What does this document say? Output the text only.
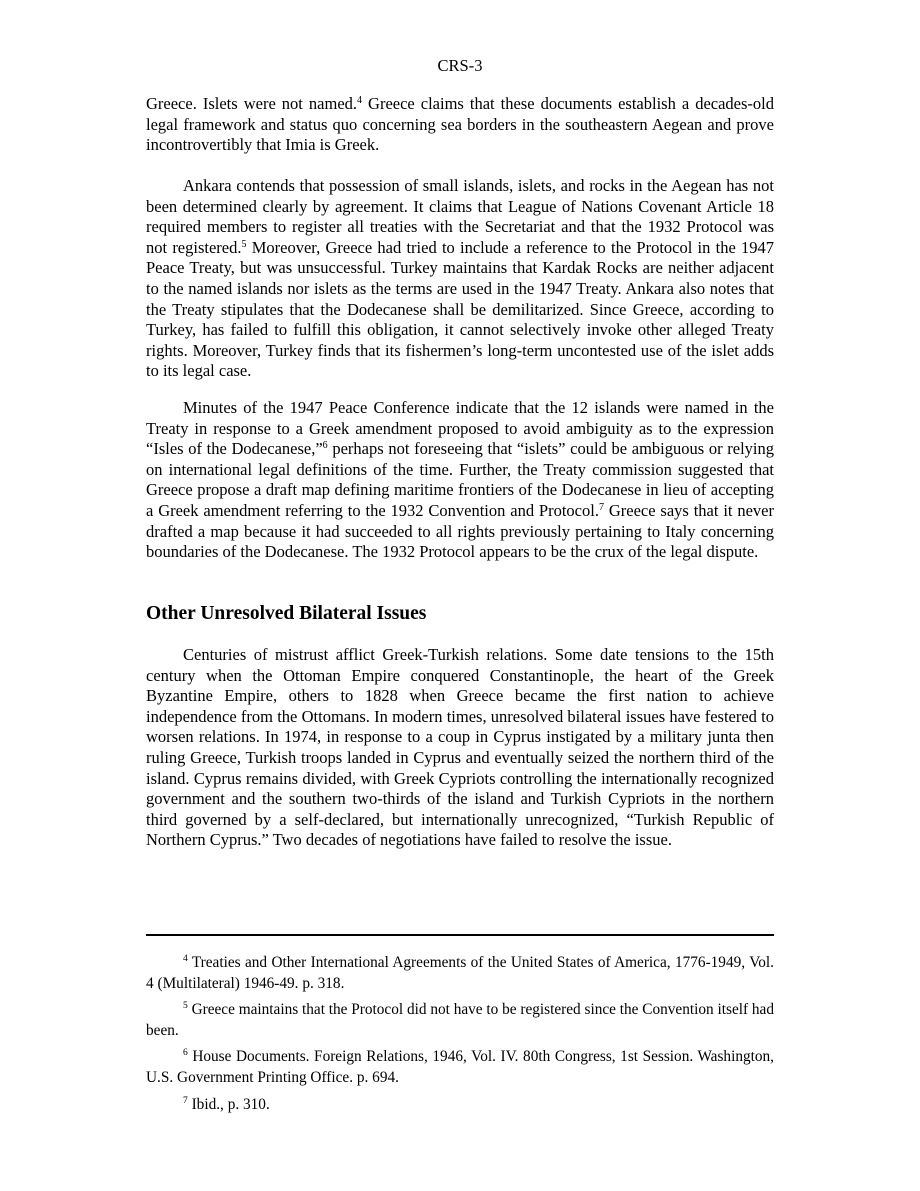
CRS-3

Greece. Islets were not named.$^4$ Greece claims that these documents establish a decades-old legal framework and status quo concerning sea borders in the southeastern Aegean and prove incontrovertibly that Imia is Greek.

Ankara contends that possession of small islands, islets, and rocks in the Aegean has not been determined clearly by agreement. It claims that League of Nations Covenant Article 18 required members to register all treaties with the Secretariat and that the 1932 Protocol was not registered.$^5$ Moreover, Greece had tried to include a reference to the Protocol in the 1947 Peace Treaty, but was unsuccessful. Turkey maintains that Kardak Rocks are neither adjacent to the named islands nor islets as the terms are used in the 1947 Treaty. Ankara also notes that the Treaty stipulates that the Dodecanese shall be demilitarized. Since Greece, according to Turkey, has failed to fulfill this obligation, it cannot selectively invoke other alleged Treaty rights. Moreover, Turkey finds that its fishermen’s long-term uncontested use of the islet adds to its legal case.

Minutes of the 1947 Peace Conference indicate that the 12 islands were named in the Treaty in response to a Greek amendment proposed to avoid ambiguity as to the expression “Isles of the Dodecanese,”$^6$ perhaps not foreseeing that “islets” could be ambiguous or relying on international legal definitions of the time. Further, the Treaty commission suggested that Greece propose a draft map defining maritime frontiers of the Dodecanese in lieu of accepting a Greek amendment referring to the 1932 Convention and Protocol.$^7$ Greece says that it never drafted a map because it had succeeded to all rights previously pertaining to Italy concerning boundaries of the Dodecanese. The 1932 Protocol appears to be the crux of the legal dispute.

Other Unresolved Bilateral Issues

Centuries of mistrust afflict Greek-Turkish relations. Some date tensions to the 15th century when the Ottoman Empire conquered Constantinople, the heart of the Greek Byzantine Empire, others to 1828 when Greece became the first nation to achieve independence from the Ottomans. In modern times, unresolved bilateral issues have festered to worsen relations. In 1974, in response to a coup in Cyprus instigated by a military junta then ruling Greece, Turkish troops landed in Cyprus and eventually seized the northern third of the island. Cyprus remains divided, with Greek Cypriots controlling the internationally recognized government and the southern two-thirds of the island and Turkish Cypriots in the northern third governed by a self-declared, but internationally unrecognized, “Turkish Republic of Northern Cyprus.” Two decades of negotiations have failed to resolve the issue.

$^4$ Treaties and Other International Agreements of the United States of America, 1776-1949, Vol. 4 (Multilateral) 1946-49. p. 318.

$^5$ Greece maintains that the Protocol did not have to be registered since the Convention itself had been.

$^6$ House Documents. Foreign Relations, 1946, Vol. IV. 80th Congress, 1st Session. Washington, U.S. Government Printing Office. p. 694.

$^7$ Ibid., p. 310.
